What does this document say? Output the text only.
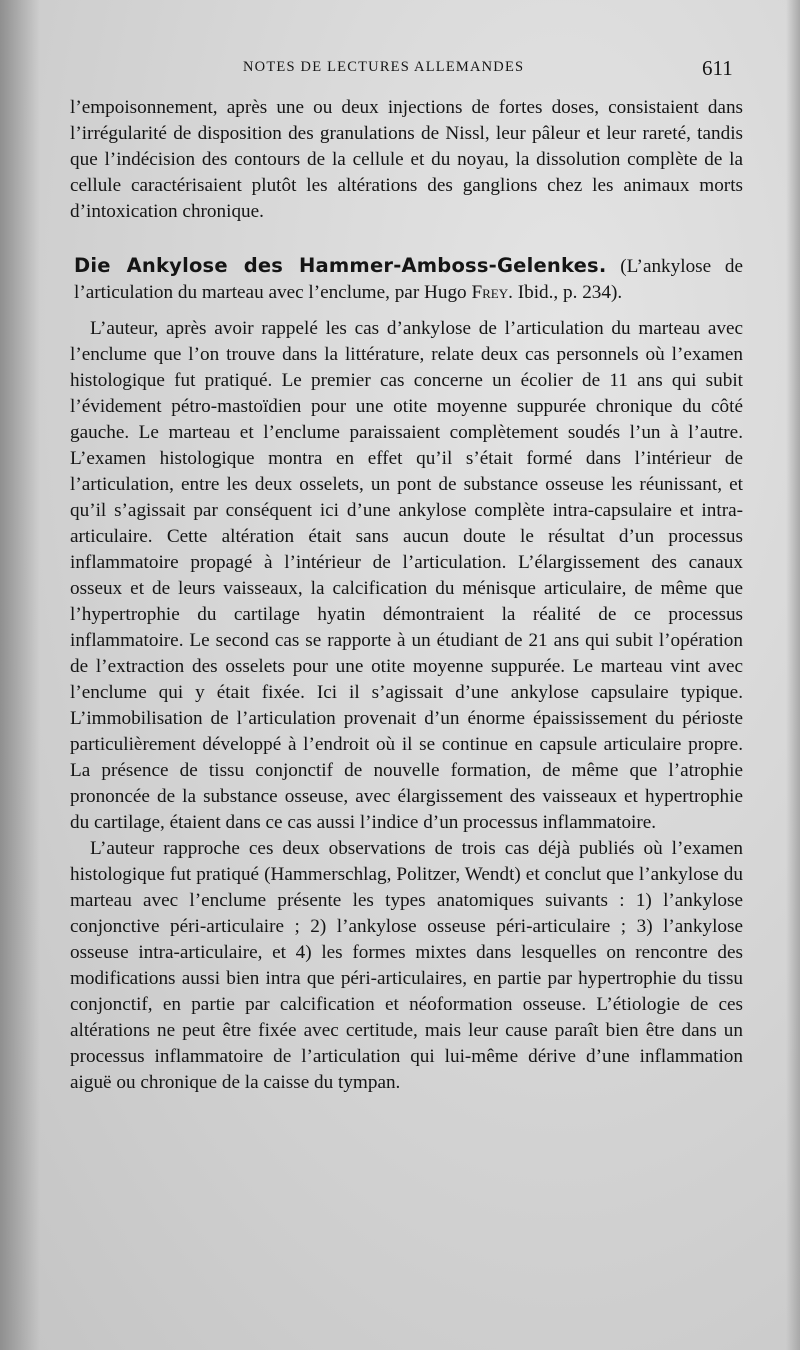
NOTES DE LECTURES ALLEMANDES	611

l’empoisonnement, après une ou deux injections de fortes doses, consistaient dans l’irrégularité de disposition des granulations de Nissl, leur pâleur et leur rareté, tandis que l’indécision des contours de la cellule et du noyau, la dissolution complète de la cellule caractérisaient plutôt les altérations des ganglions chez les animaux morts d’intoxication chronique.

Die Ankylose des Hammer-Amboss-Gelenkes. (L’ankylose de l’articulation du marteau avec l’enclume, par Hugo Frey. Ibid., p. 234).

L’auteur, après avoir rappelé les cas d’ankylose de l’articulation du marteau avec l’enclume que l’on trouve dans la littérature, relate deux cas personnels où l’examen histologique fut pratiqué. Le premier cas concerne un écolier de 11 ans qui subit l’évidement pétro-mastoïdien pour une otite moyenne suppurée chronique du côté gauche. Le marteau et l’enclume paraissaient complètement soudés l’un à l’autre. L’examen histologique montra en effet qu’il s’était formé dans l’intérieur de l’articulation, entre les deux osselets, un pont de substance osseuse les réunissant, et qu’il s’agissait par conséquent ici d’une ankylose complète intra-capsulaire et intra-articulaire. Cette altération était sans aucun doute le résultat d’un processus inflammatoire propagé à l’intérieur de l’articulation. L’élargissement des canaux osseux et de leurs vaisseaux, la calcification du ménisque articulaire, de même que l’hypertrophie du cartilage hyatin démontraient la réalité de ce processus inflammatoire. Le second cas se rapporte à un étudiant de 21 ans qui subit l’opération de l’extraction des osselets pour une otite moyenne suppurée. Le marteau vint avec l’enclume qui y était fixée. Ici il s’agissait d’une ankylose capsulaire typique. L’immobilisation de l’articulation provenait d’un énorme épaississement du périoste particulièrement développé à l’endroit où il se continue en capsule articulaire propre. La présence de tissu conjonctif de nouvelle formation, de même que l’atrophie prononcée de la substance osseuse, avec élargissement des vaisseaux et hypertrophie du cartilage, étaient dans ce cas aussi l’indice d’un processus inflammatoire.

L’auteur rapproche ces deux observations de trois cas déjà publiés où l’examen histologique fut pratiqué (Hammerschlag, Politzer, Wendt) et conclut que l’ankylose du marteau avec l’enclume présente les types anatomiques suivants : 1) l’ankylose conjonctive péri-articulaire ; 2) l’ankylose osseuse péri-articulaire ; 3) l’ankylose osseuse intra-articulaire, et 4) les formes mixtes dans lesquelles on rencontre des modifications aussi bien intra que péri-articulaires, en partie par hypertrophie du tissu conjonctif, en partie par calcification et néoformation osseuse. L’étiologie de ces altérations ne peut être fixée avec certitude, mais leur cause paraît bien être dans un processus inflammatoire de l’articulation qui lui-même dérive d’une inflammation aiguë ou chronique de la caisse du tympan.
